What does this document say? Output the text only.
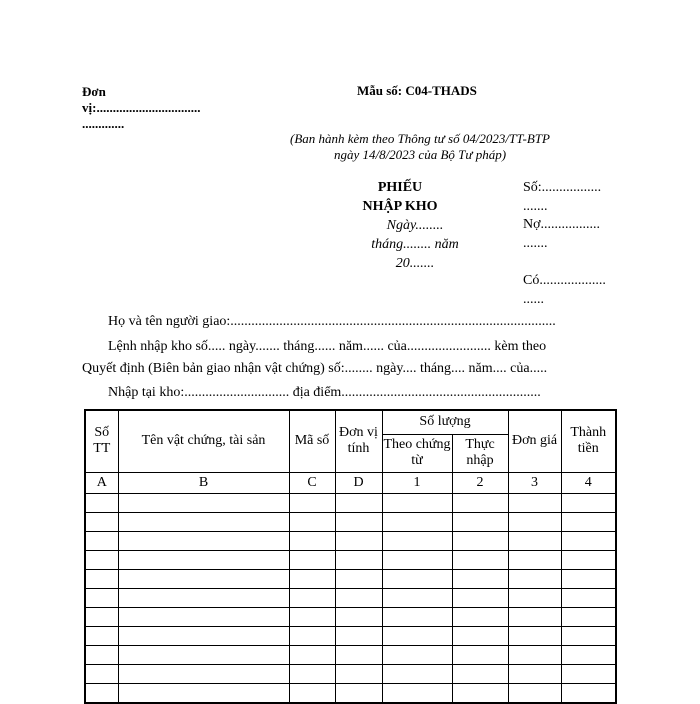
Đơn vị:................................ .............
Mẫu số: C04-THADS
(Ban hành kèm theo Thông tư số 04/2023/TT-BTP
ngày 14/8/2023 của Bộ Tư pháp)
PHIẾU
NHẬP KHO
Ngày........
tháng........ năm
20.......
Số:................. .......
Nợ................. .......
Có................... ......
Họ và tên người giao:.............................................................................................
Lệnh nhập kho số..... ngày....... tháng...... năm...... của........................ kèm theo
Quyết định (Biên bản giao nhận vật chứng) số:........ ngày.... tháng.... năm.... của.....
Nhập tại kho:.............................. địa điểm.........................................................
Số TT	Tên vật chứng, tài sản	Mã số	Đơn vị tính	Số lượng		Đơn giá	Thành tiền
				Theo chứng từ	Thực nhập		
A	B	C	D	1	2	3	4
